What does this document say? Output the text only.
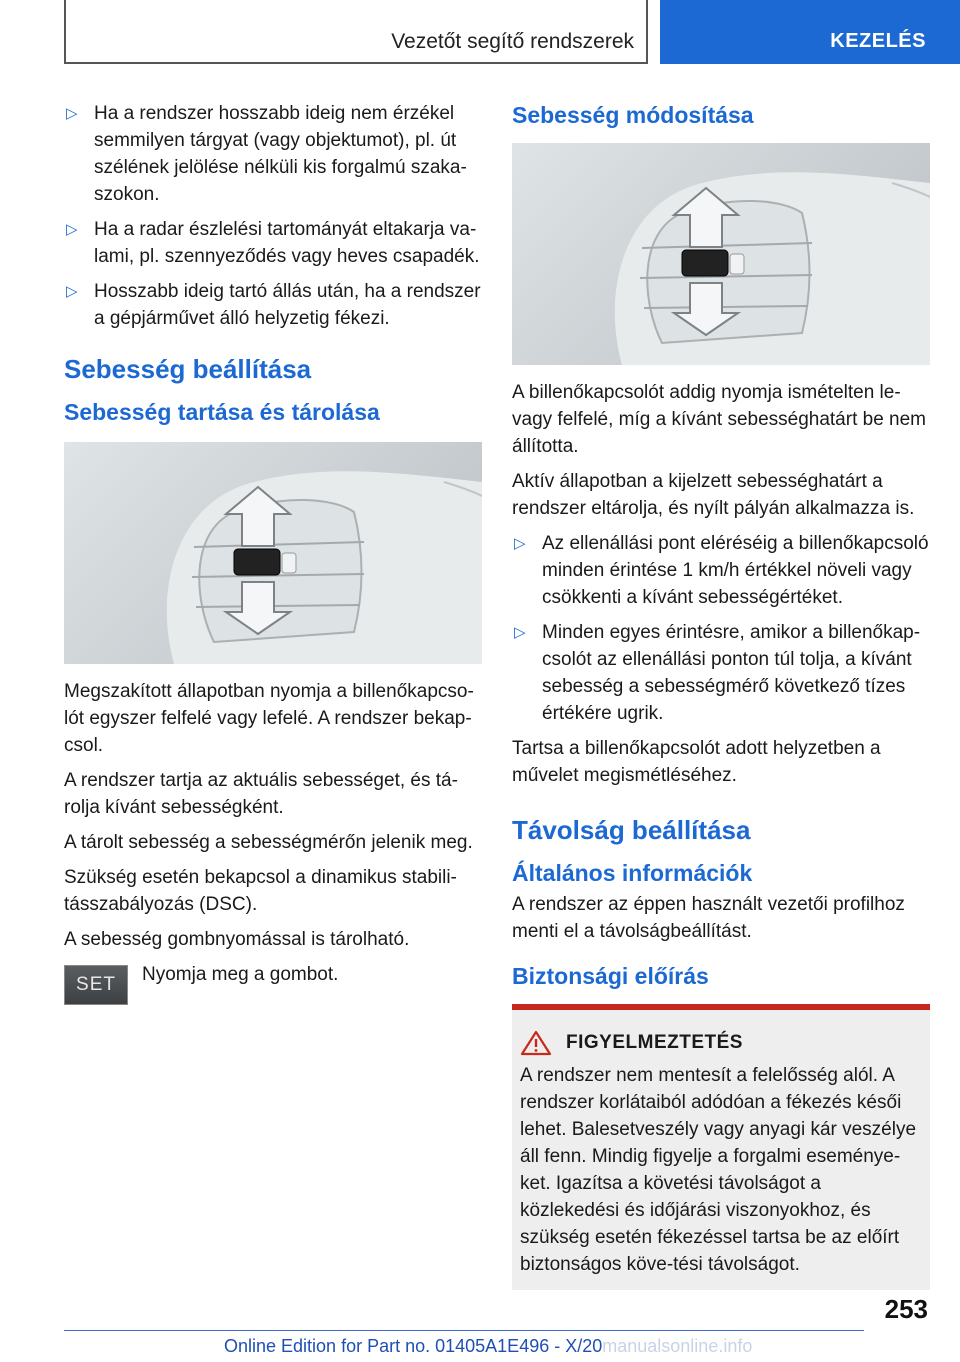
Vezetőt segítő rendszerek	KEZELÉS
▷ Ha a rendszer hosszabb ideig nem érzékel semmilyen tárgyat (vagy objektumot), pl. út szélének jelölése nélküli kis forgalmú szaka-szokon.
▷ Ha a radar észlelési tartományát eltakarja va-lami, pl. szennyeződés vagy heves csapadék.
▷ Hosszabb ideig tartó állás után, ha a rendszer a gépjárművet álló helyzetig fékezi.
Sebesség beállítása
Sebesség tartása és tárolása

Megszakított állapotban nyomja a billenőkapcso-lót egyszer felfelé vagy lefelé. A rendszer bekap-csol.

A rendszer tartja az aktuális sebességet, és tá-rolja kívánt sebességként.

A tárolt sebesség a sebességmérőn jelenik meg.

Szükség esetén bekapcsol a dinamikus stabili-tásszabályozás (DSC).

A sebesség gombnyomással is tárolható.

SET	Nyomja meg a gombot.
Sebesség módosítása

A billenőkapcsolót addig nyomja ismételten le-vagy felfelé, míg a kívánt sebességhatárt be nem állította.

Aktív állapotban a kijelzett sebességhatárt a rendszer eltárolja, és nyílt pályán alkalmazza is.

▷ Az ellenállási pont eléréséig a billenőkapcsoló minden érintése 1 km/h értékkel növeli vagy csökkenti a kívánt sebességértéket.
▷ Minden egyes érintésre, amikor a billenőkap-csolót az ellenállási ponton túl tolja, a kívánt sebesség a sebességmérő következő tízes értékére ugrik.

Tartsa a billenőkapcsolót adott helyzetben a művelet megismétléséhez.

Távolság beállítása
Általános információk

A rendszer az éppen használt vezetői profilhoz menti el a távolságbeállítást.

Biztonsági előírás
FIGYELMEZTETÉS
A rendszer nem mentesít a felelősség alól. A rendszer korlátaiból adódóan a fékezés késői lehet. Balesetveszély vagy anyagi kár veszélye áll fenn. Mindig figyelje a forgalmi eseménye-ket. Igazítsa a követési távolságot a közlekedési és időjárási viszonyokhoz, és szükség esetén fékezéssel tartsa be az előírt biztonságos köve-tési távolságot.
253
Online Edition for Part no. 01405A1E496 - X/20manualsonline.info
